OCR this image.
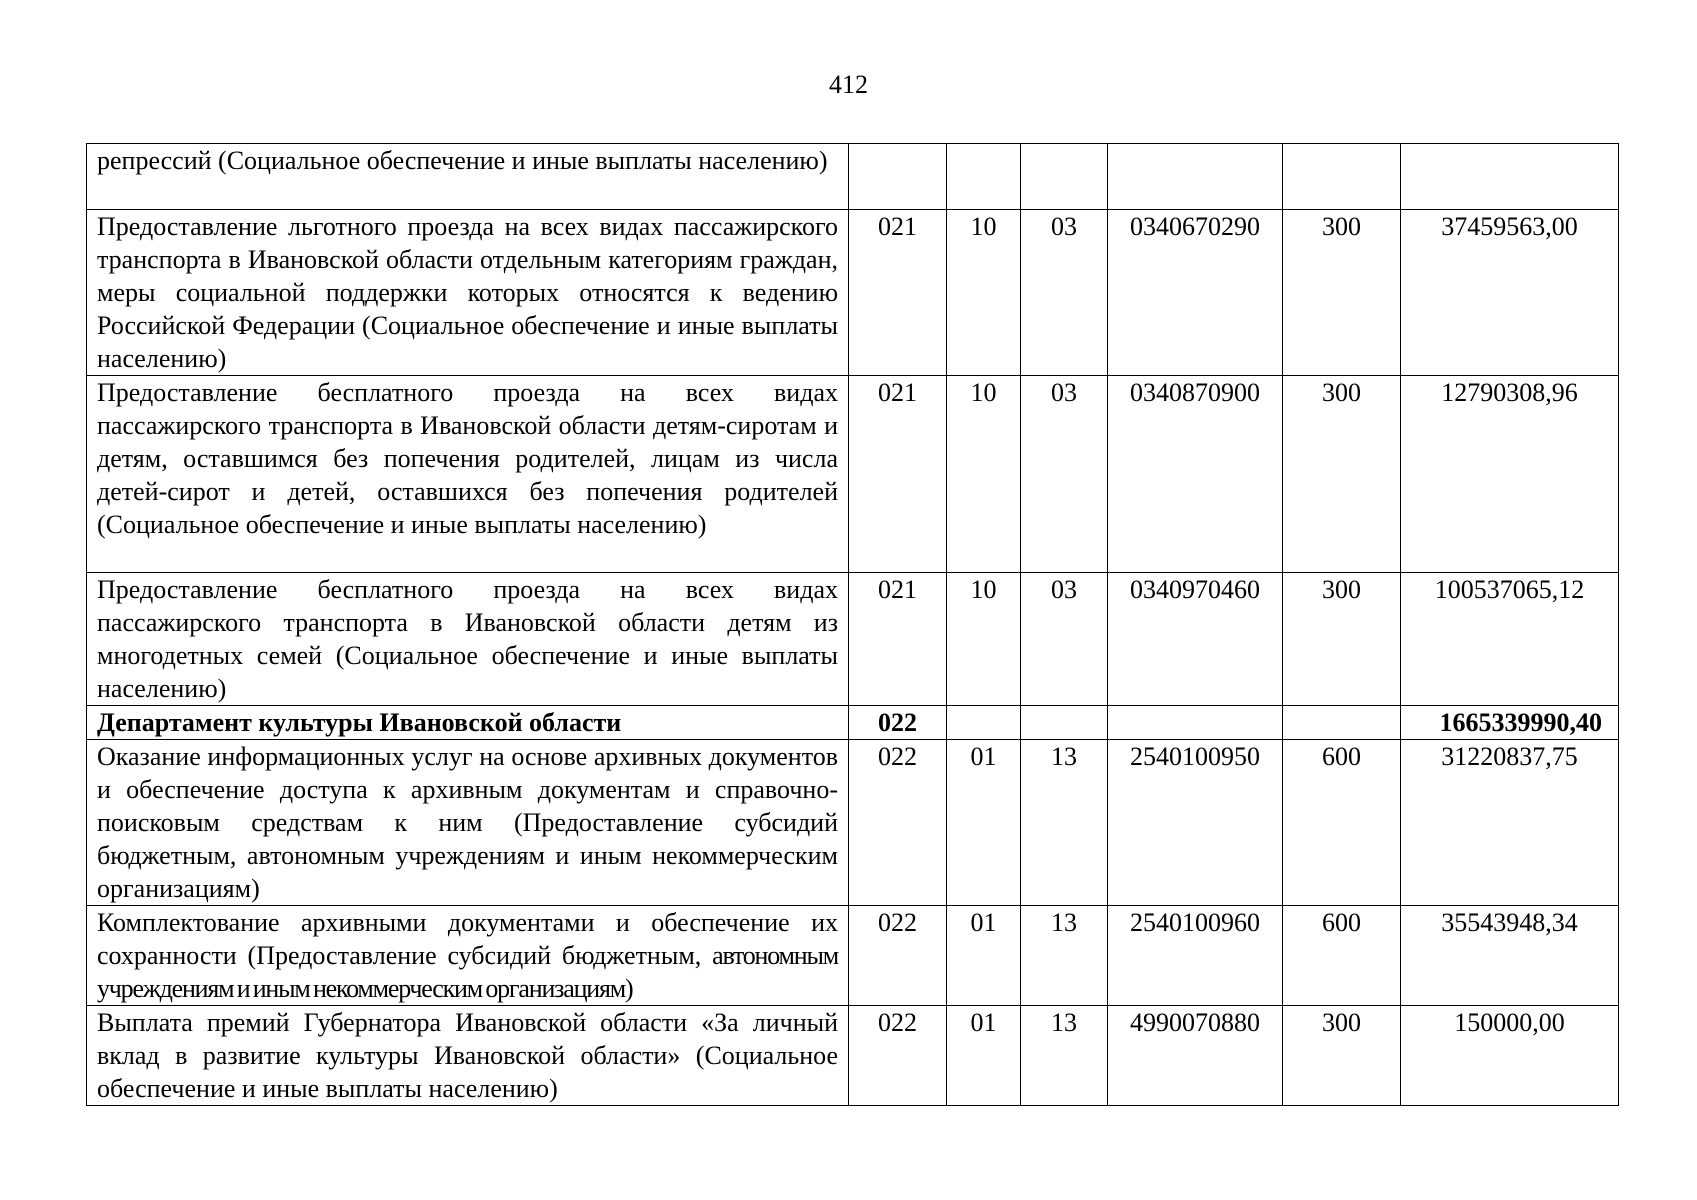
412
репрессий (Социальное обеспечение и иные выплаты населению)						
Предоставление льготного проезда на всех видах пассажирского транспорта в Ивановской области отдельным категориям граждан, меры социальной поддержки которых относятся к ведению Российской Федерации (Социальное обеспечение и иные выплаты населению)	021	10	03	0340670290	300	37459563,00
Предоставление бесплатного проезда на всех видах пассажирского транспорта в Ивановской области детям-сиротам и детям, оставшимся без попечения родителей, лицам из числа детей-сирот и детей, оставшихся без попечения родителей (Социальное обеспечение и иные выплаты населению)	021	10	03	0340870900	300	12790308,96
Предоставление бесплатного проезда на всех видах пассажирского транспорта в Ивановской области детям из многодетных семей (Социальное обеспечение и иные выплаты населению)	021	10	03	0340970460	300	100537065,12
Департамент культуры Ивановской области	022					1665339990,40
Оказание информационных услуг на основе архивных документов и обеспечение доступа к архивным документам и справочно-поисковым средствам к ним (Предоставление субсидий бюджетным, автономным учреждениям и иным некоммерческим организациям)	022	01	13	2540100950	600	31220837,75
Комплектование архивными документами и обеспечение их сохранности (Предоставление субсидий бюджетным, автономным учреждениям и иным некоммерческим организациям)	022	01	13	2540100960	600	35543948,34
Выплата премий Губернатора Ивановской области «За личный вклад в развитие культуры Ивановской области» (Социальное обеспечение и иные выплаты населению)	022	01	13	4990070880	300	150000,00
